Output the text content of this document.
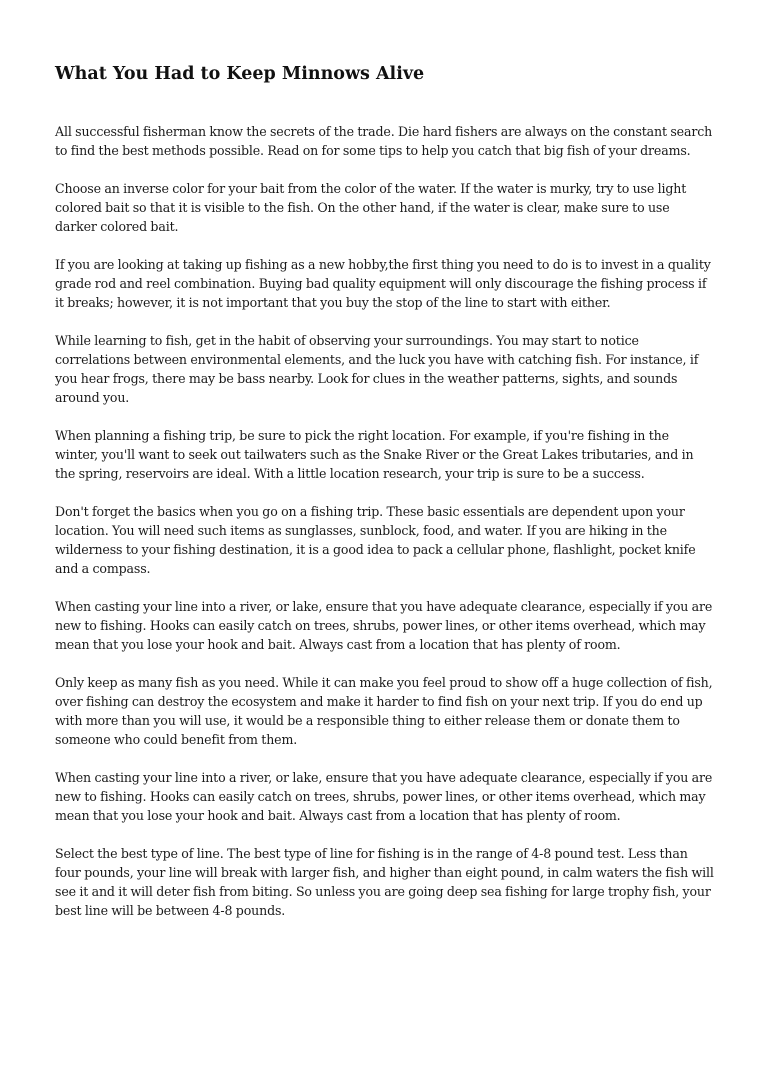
What You Had to Keep Minnows Alive

All successful fisherman know the secrets of the trade. Die hard fishers are always on the constant search to find the best methods possible. Read on for some tips to help you catch that big fish of your dreams.

Choose an inverse color for your bait from the color of the water. If the water is murky, try to use light colored bait so that it is visible to the fish. On the other hand, if the water is clear, make sure to use darker colored bait.

If you are looking at taking up fishing as a new hobby,the first thing you need to do is to invest in a quality grade rod and reel combination. Buying bad quality equipment will only discourage the fishing process if it breaks; however, it is not important that you buy the stop of the line to start with either.

While learning to fish, get in the habit of observing your surroundings. You may start to notice correlations between environmental elements, and the luck you have with catching fish. For instance, if you hear frogs, there may be bass nearby. Look for clues in the weather patterns, sights, and sounds around you.

When planning a fishing trip, be sure to pick the right location. For example, if you're fishing in the winter, you'll want to seek out tailwaters such as the Snake River or the Great Lakes tributaries, and in the spring, reservoirs are ideal. With a little location research, your trip is sure to be a success.

Don't forget the basics when you go on a fishing trip. These basic essentials are dependent upon your location. You will need such items as sunglasses, sunblock, food, and water. If you are hiking in the wilderness to your fishing destination, it is a good idea to pack a cellular phone, flashlight, pocket knife and a compass.

When casting your line into a river, or lake, ensure that you have adequate clearance, especially if you are new to fishing. Hooks can easily catch on trees, shrubs, power lines, or other items overhead, which may mean that you lose your hook and bait. Always cast from a location that has plenty of room.

Only keep as many fish as you need. While it can make you feel proud to show off a huge collection of fish, over fishing can destroy the ecosystem and make it harder to find fish on your next trip. If you do end up with more than you will use, it would be a responsible thing to either release them or donate them to someone who could benefit from them.

When casting your line into a river, or lake, ensure that you have adequate clearance, especially if you are new to fishing. Hooks can easily catch on trees, shrubs, power lines, or other items overhead, which may mean that you lose your hook and bait. Always cast from a location that has plenty of room.

Select the best type of line. The best type of line for fishing is in the range of 4-8 pound test. Less than four pounds, your line will break with larger fish, and higher than eight pound, in calm waters the fish will see it and it will deter fish from biting. So unless you are going deep sea fishing for large trophy fish, your best line will be between 4-8 pounds.
